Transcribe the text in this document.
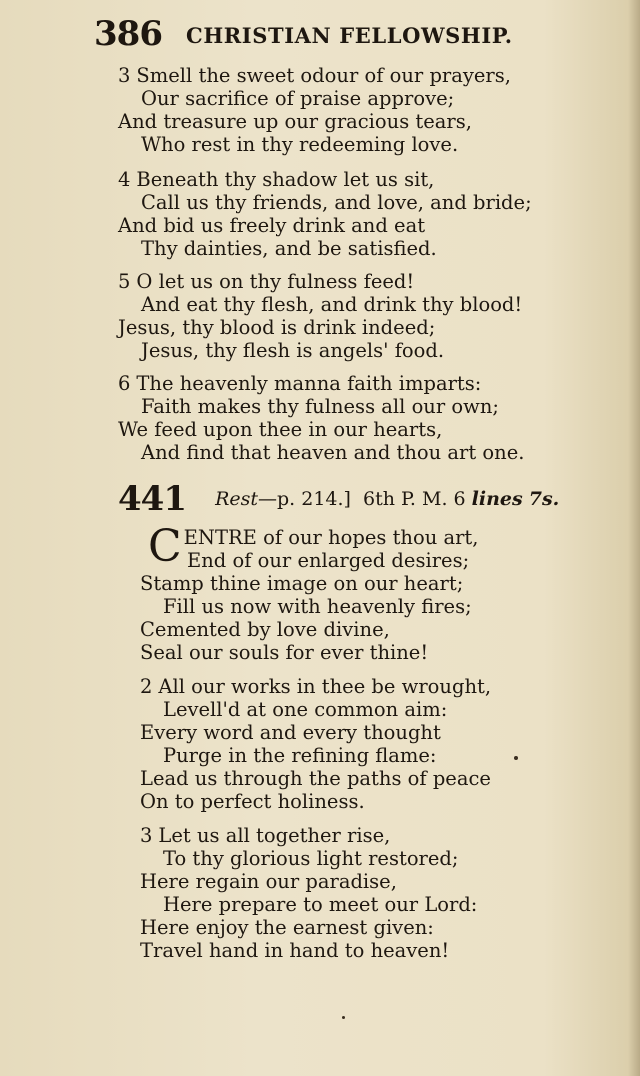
386 CHRISTIAN FELLOWSHIP.
3 Smell the sweet odour of our prayers,
Our sacrifice of praise approve;
And treasure up our gracious tears,
Who rest in thy redeeming love.
4 Beneath thy shadow let us sit,
Call us thy friends, and love, and bride;
And bid us freely drink and eat
Thy dainties, and be satisfied.
5 O let us on thy fulness feed!
And eat thy flesh, and drink thy blood!
Jesus, thy blood is drink indeed;
Jesus, thy flesh is angels' food.
6 The heavenly manna faith imparts:
Faith makes thy fulness all our own;
We feed upon thee in our hearts,
And find that heaven and thou art one.
441 Rest—p. 214.] 6th P. M. 6 lines 7s.
CENTRE of our hopes thou art,
End of our enlarged desires;
Stamp thine image on our heart;
Fill us now with heavenly fires;
Cemented by love divine,
Seal our souls for ever thine!
2 All our works in thee be wrought,
Levell'd at one common aim:
Every word and every thought
Purge in the refining flame:
Lead us through the paths of peace
On to perfect holiness.
3 Let us all together rise,
To thy glorious light restored;
Here regain our paradise,
Here prepare to meet our Lord:
Here enjoy the earnest given:
Travel hand in hand to heaven!
